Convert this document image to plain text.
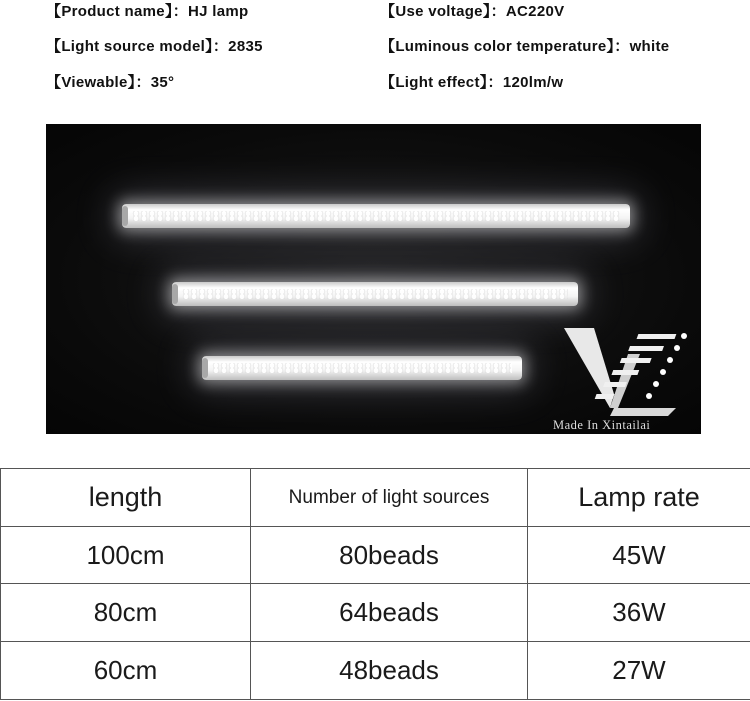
【 Product name 】： HJ lamp	【 Use voltage 】： AC220V
【 Light source model 】： 2835	【 Luminous color temperature 】： white
【 Viewable 】： 35°	【 Light effect 】： 120lm/w
Made In Xintailai
length	Number of light sources	Lamp rate
100cm	80beads	45W
80cm	64beads	36W
60cm	48beads	27W
